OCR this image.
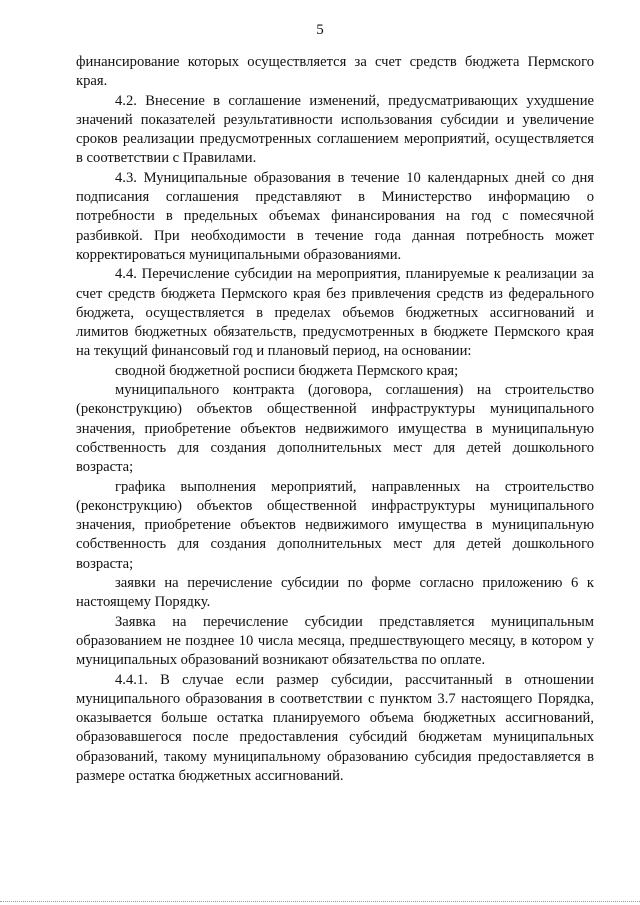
5

финансирование которых осуществляется за счет средств бюджета Пермского края.

4.2. Внесение в соглашение изменений, предусматривающих ухудшение значений показателей результативности использования субсидии и увеличение сроков реализации предусмотренных соглашением мероприятий, осуществляется в соответствии с Правилами.

4.3. Муниципальные образования в течение 10 календарных дней со дня подписания соглашения представляют в Министерство информацию о потребности в предельных объемах финансирования на год с помесячной разбивкой. При необходимости в течение года данная потребность может корректироваться муниципальными образованиями.

4.4. Перечисление субсидии на мероприятия, планируемые к реализации за счет средств бюджета Пермского края без привлечения средств из федерального бюджета, осуществляется в пределах объемов бюджетных ассигнований и лимитов бюджетных обязательств, предусмотренных в бюджете Пермского края на текущий финансовый год и плановый период, на основании:

сводной бюджетной росписи бюджета Пермского края;

муниципального контракта (договора, соглашения) на строительство (реконструкцию) объектов общественной инфраструктуры муниципального значения, приобретение объектов недвижимого имущества в муниципальную собственность для создания дополнительных мест для детей дошкольного возраста;

графика выполнения мероприятий, направленных на строительство (реконструкцию) объектов общественной инфраструктуры муниципального значения, приобретение объектов недвижимого имущества в муниципальную собственность для создания дополнительных мест для детей дошкольного возраста;

заявки на перечисление субсидии по форме согласно приложению 6 к настоящему Порядку.

Заявка на перечисление субсидии представляется муниципальным образованием не позднее 10 числа месяца, предшествующего месяцу, в котором у муниципальных образований возникают обязательства по оплате.

4.4.1. В случае если размер субсидии, рассчитанный в отношении муниципального образования в соответствии с пунктом 3.7 настоящего Порядка, оказывается больше остатка планируемого объема бюджетных ассигнований, образовавшегося после предоставления субсидий бюджетам муниципальных образований, такому муниципальному образованию субсидия предоставляется в размере остатка бюджетных ассигнований.
